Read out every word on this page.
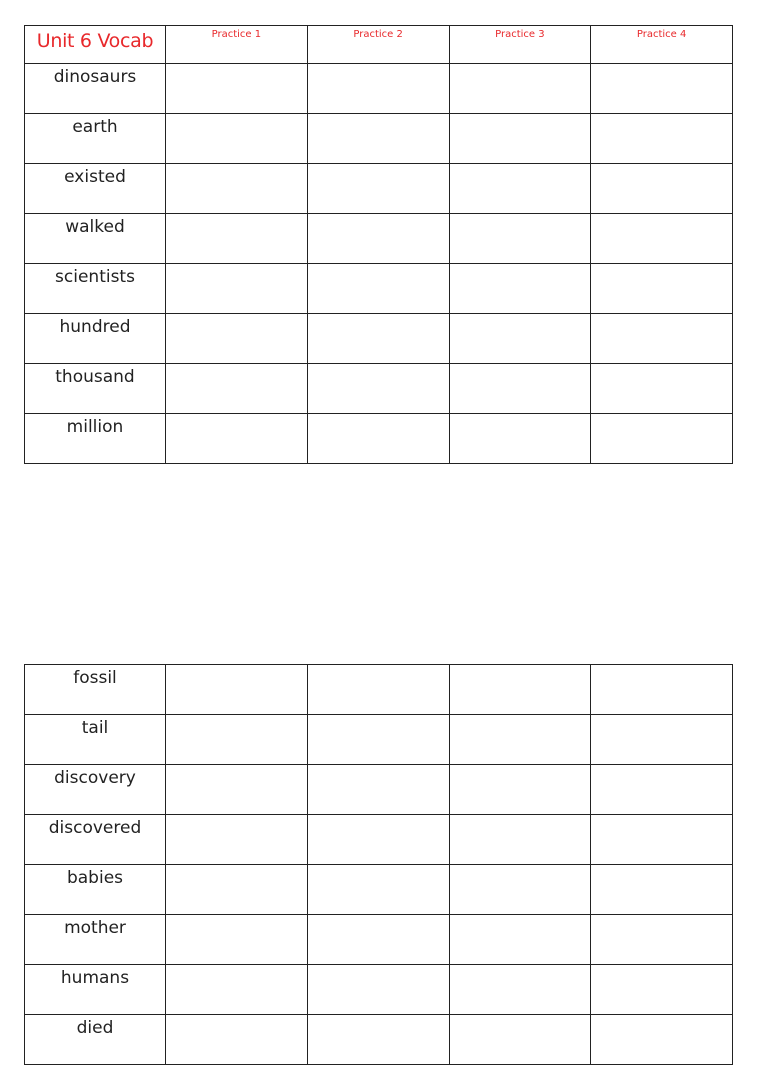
Unit 6 Vocab	Practice 1	Practice 2	Practice 3	Practice 4
dinosaurs				
earth				
existed				
walked				
scientists				
hundred				
thousand				
million				
fossil				
tail				
discovery				
discovered				
babies				
mother				
humans				
died				
